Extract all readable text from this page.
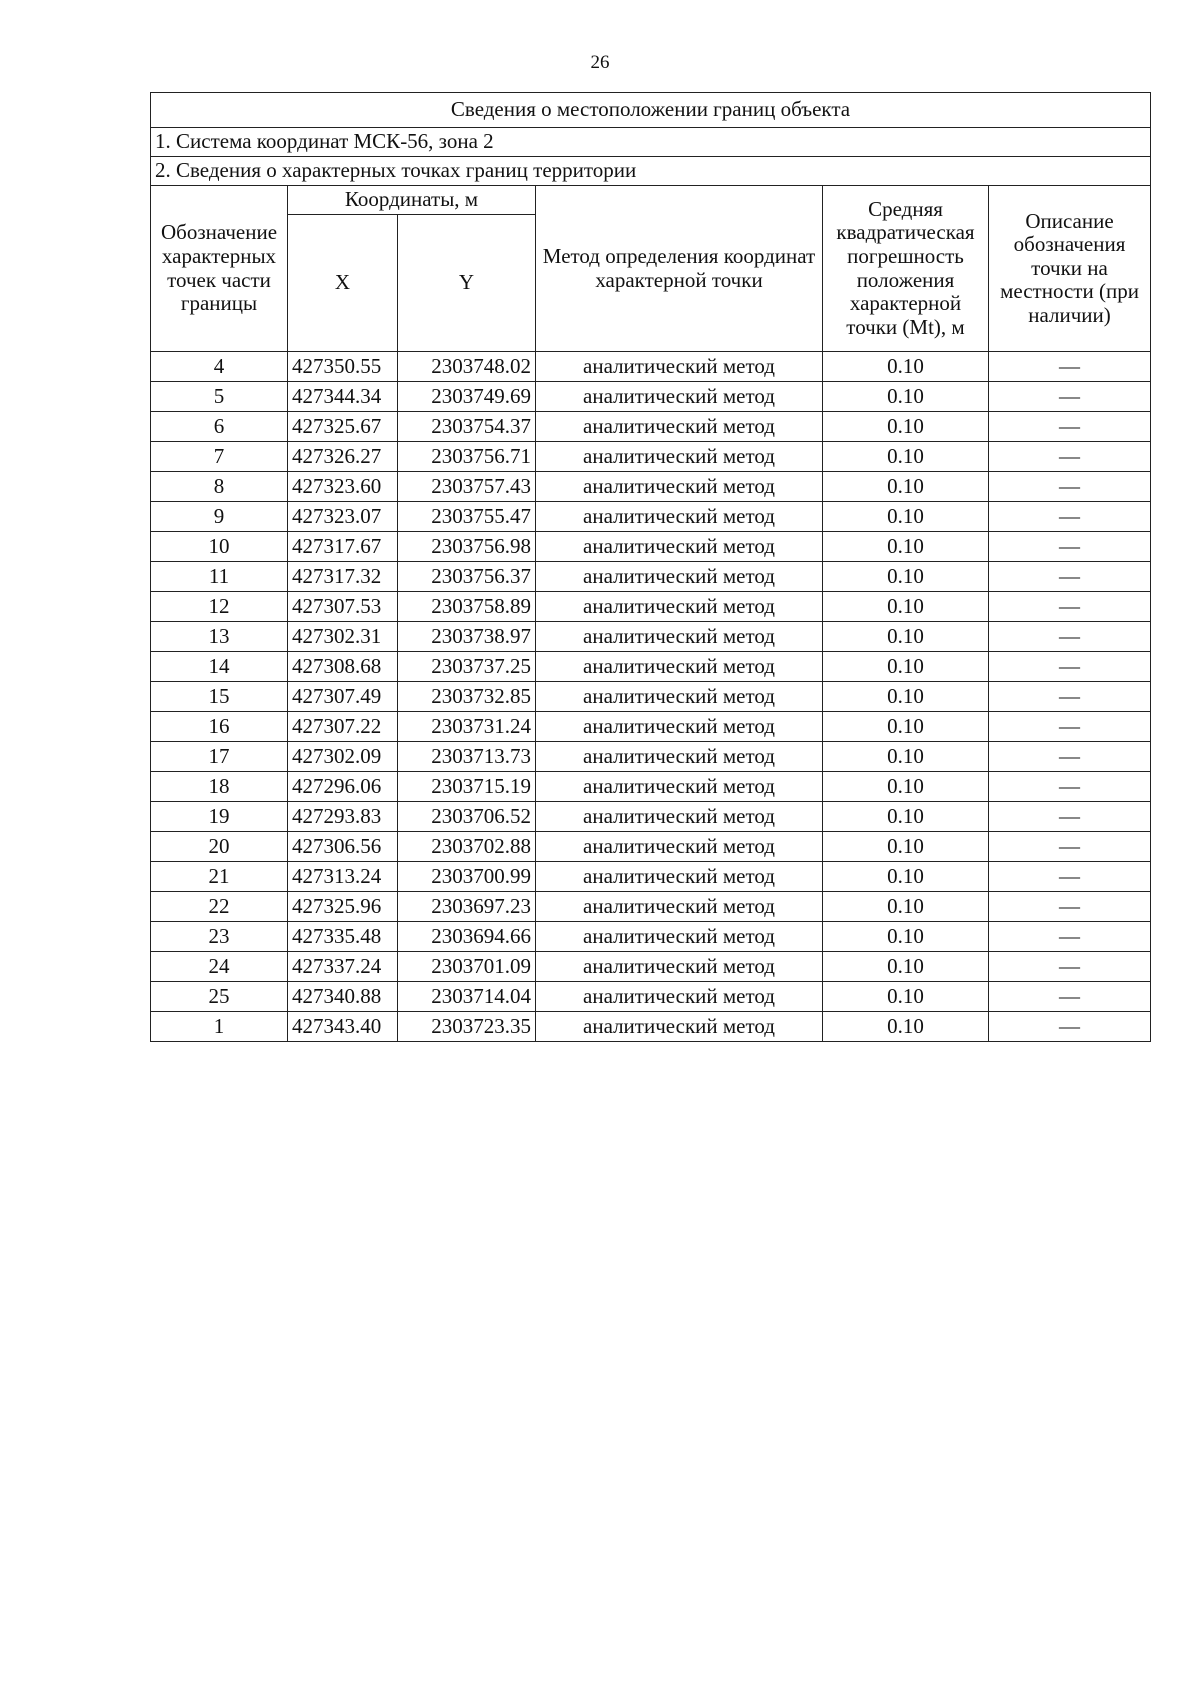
26
Сведения о местоположении границ объекта					
1. Система координат МСК-56, зона 2					
2. Сведения о характерных точках границ территории					
Обозначение характерных точек части границы	Координаты, м		Метод определения координат характерной точки	Средняя квадратическая погрешность положения характерной точки (Mt), м	Описание обозначения точки на местности (при наличии)
	X	Y			
4	427350.55	2303748.02	аналитический метод	0.10	—
5	427344.34	2303749.69	аналитический метод	0.10	—
6	427325.67	2303754.37	аналитический метод	0.10	—
7	427326.27	2303756.71	аналитический метод	0.10	—
8	427323.60	2303757.43	аналитический метод	0.10	—
9	427323.07	2303755.47	аналитический метод	0.10	—
10	427317.67	2303756.98	аналитический метод	0.10	—
11	427317.32	2303756.37	аналитический метод	0.10	—
12	427307.53	2303758.89	аналитический метод	0.10	—
13	427302.31	2303738.97	аналитический метод	0.10	—
14	427308.68	2303737.25	аналитический метод	0.10	—
15	427307.49	2303732.85	аналитический метод	0.10	—
16	427307.22	2303731.24	аналитический метод	0.10	—
17	427302.09	2303713.73	аналитический метод	0.10	—
18	427296.06	2303715.19	аналитический метод	0.10	—
19	427293.83	2303706.52	аналитический метод	0.10	—
20	427306.56	2303702.88	аналитический метод	0.10	—
21	427313.24	2303700.99	аналитический метод	0.10	—
22	427325.96	2303697.23	аналитический метод	0.10	—
23	427335.48	2303694.66	аналитический метод	0.10	—
24	427337.24	2303701.09	аналитический метод	0.10	—
25	427340.88	2303714.04	аналитический метод	0.10	—
1	427343.40	2303723.35	аналитический метод	0.10	—
